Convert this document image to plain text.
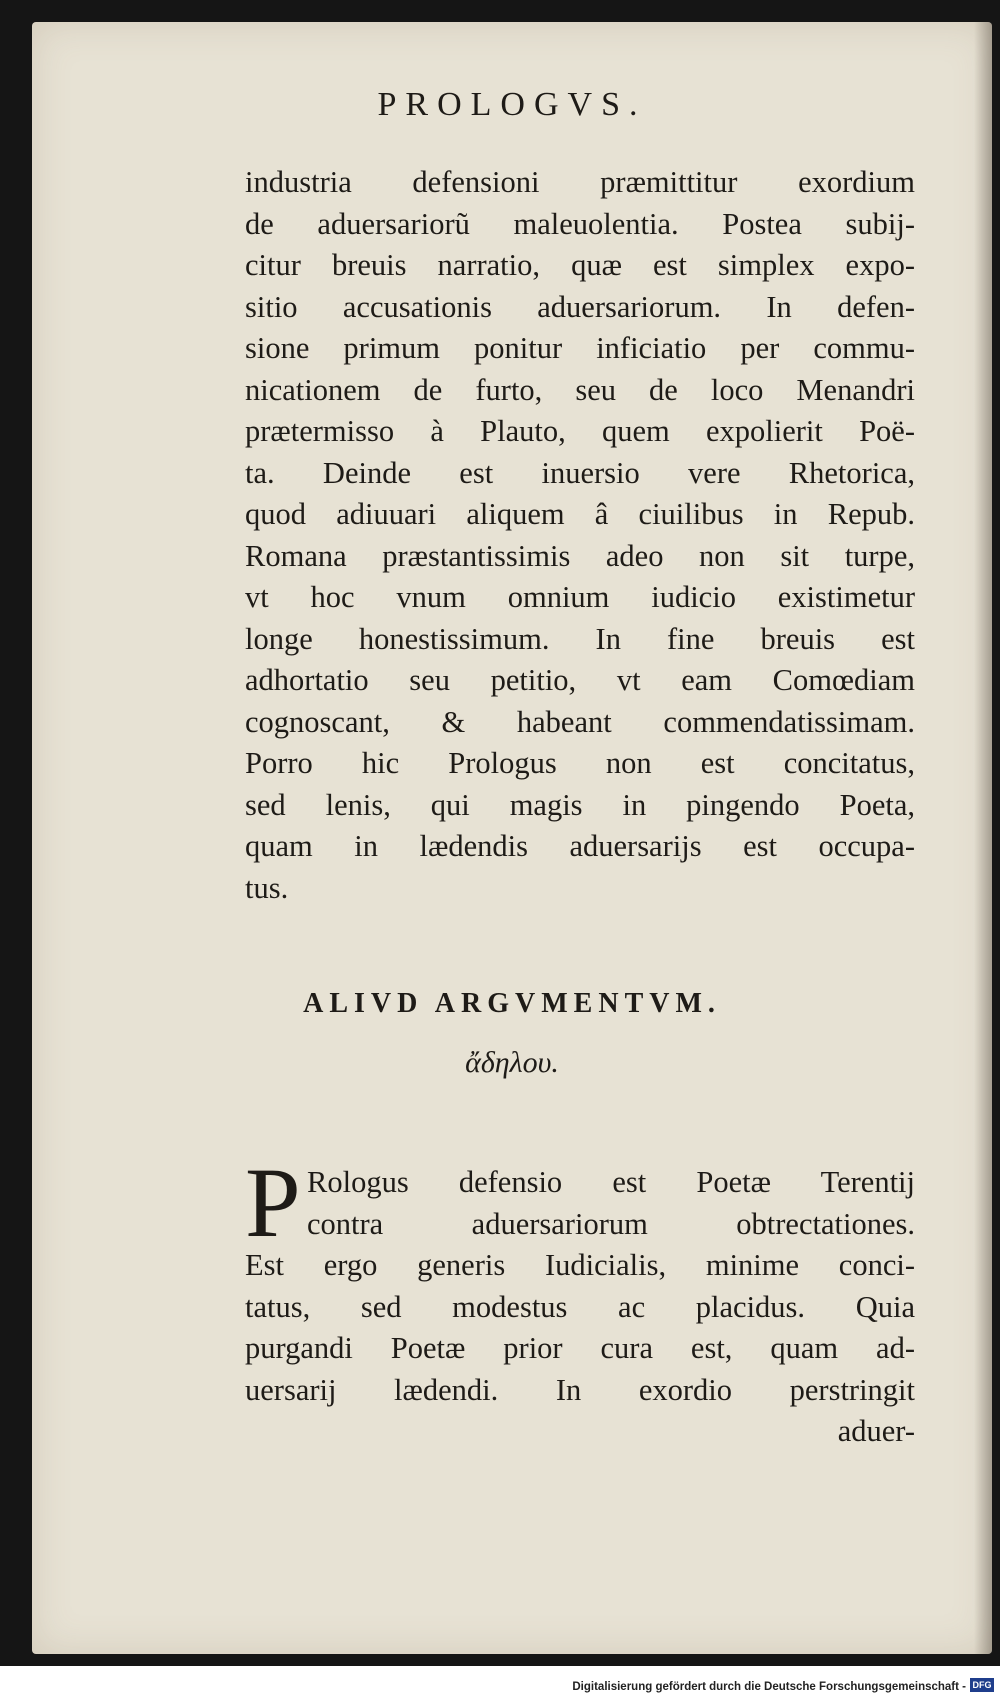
PROLOGVS.
industria defensioni præmittitur exordium
de aduersariorũ maleuolentia. Postea subij-
citur breuis narratio, quæ est simplex expo-
sitio accusationis aduersariorum. In defen-
sione primum ponitur inficiatio per commu-
nicationem de furto, seu de loco Menandri
prætermisso à Plauto, quem expolierit Poë-
ta. Deinde est inuersio vere Rhetorica,
quod adiuuari aliquem â ciuilibus in Repub.
Romana præstantissimis adeo non sit turpe,
vt hoc vnum omnium iudicio existimetur
longe honestissimum. In fine breuis est
adhortatio seu petitio, vt eam Comœdiam
cognoscant, & habeant commendatissimam.
Porro hic Prologus non est concitatus,
sed lenis, qui magis in pingendo Poeta,
quam in lædendis aduersarijs est occupa-
tus.
ALIVD ARGVMENTVM.
ἄδηλου.
P Rologus defensio est Poetæ Terentij
contra aduersariorum obtrectationes.
Est ergo generis Iudicialis, minime conci-
tatus, sed modestus ac placidus. Quia
purgandi Poetæ prior cura est, quam ad-
uersarij lædendi. In exordio perstringit
aduer-
Digitalisierung gefördert durch die Deutsche Forschungsgemeinschaft - DFG
